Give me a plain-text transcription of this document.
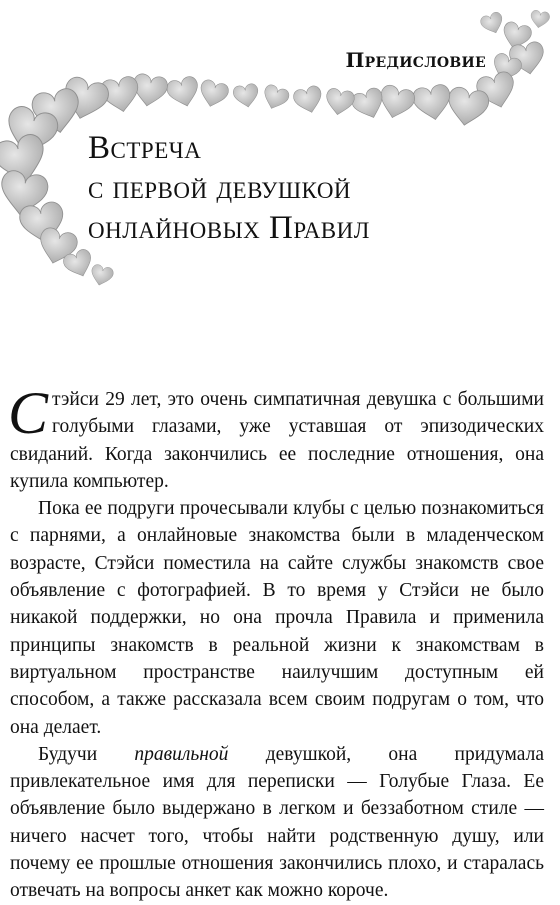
Предисловие
Встреча
с первой девушкой
онлайновых Правил

Стэйси 29 лет, это очень симпатичная девушка с большими голубыми глазами, уже уставшая от эпизодических свиданий. Когда закончились ее последние отношения, она купила компьютер.

Пока ее подруги прочесывали клубы с целью познакомиться с парнями, а онлайновые знакомства были в младенческом возрасте, Стэйси поместила на сайте службы знакомств свое объявление с фотографией. В то время у Стэйси не было никакой поддержки, но она прочла Правила и применила принципы знакомств в реальной жизни к знакомствам в виртуальном пространстве наилучшим доступным ей способом, а также рассказала всем своим подругам о том, что она делает.

Будучи правильной девушкой, она придумала привлекательное имя для переписки — Голубые Глаза. Ее объявление было выдержано в легком и беззаботном стиле — ничего насчет того, чтобы найти родственную душу, или почему ее прошлые отношения закончились плохо, и старалась отвечать на вопросы анкет как можно короче.
